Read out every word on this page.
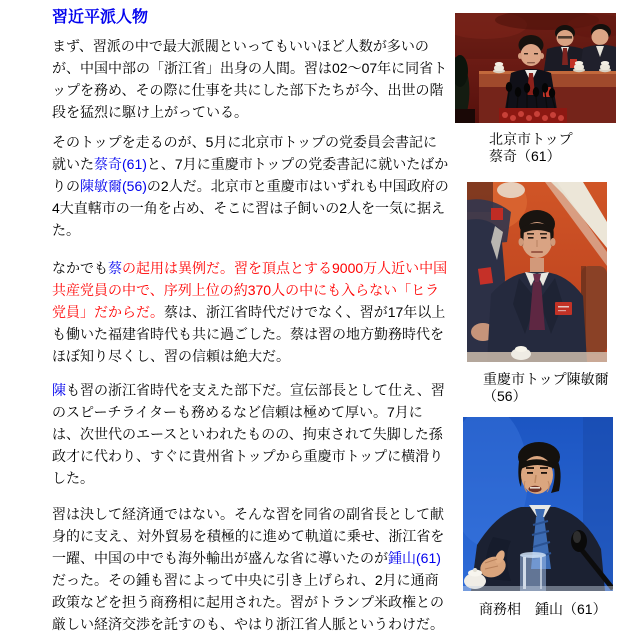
習近平派人物

まず、習派の中で最大派閥といってもいいほど人数が多いのが、中国中部の「浙江省」出身の人間。習は02～07年に同省トップを務め、その際に仕事を共にした部下たちが今、出世の階段を猛烈に駆け上がっている。

そのトップを走るのが、5月に北京市トップの党委員会書記に就いた蔡奇(61)と、7月に重慶市トップの党委書記に就いたばかりの陳敏爾(56)の2人だ。北京市と重慶市はいずれも中国政府の4大直轄市の一角を占め、そこに習は子飼いの2人を一気に据えた。

なかでも蔡の起用は異例だ。習を頂点とする9000万人近い中国共産党員の中で、序列上位の約370人の中にも入らない「ヒラ党員」だからだ。蔡は、浙江省時代だけでなく、習が17年以上も働いた福建省時代も共に過ごした。蔡は習の地方勤務時代をほぼ知り尽くし、習の信頼は絶大だ。

陳も習の浙江省時代を支えた部下だ。宣伝部長として仕え、習のスピーチライターも務めるなど信頼は極めて厚い。7月には、次世代のエースといわれたものの、拘束されて失脚した孫政才に代わり、すぐに貴州省トップから重慶市トップに横滑りした。

習は決して経済通ではない。そんな習を同省の副省長として献身的に支え、対外貿易を積極的に進めて軌道に乗せ、浙江省を一躍、中国の中でも海外輸出が盛んな省に導いたのが鍾山(61)だった。その鍾も習によって中央に引き上げられ、2月に通商政策などを担う商務相に起用された。習がトランプ米政権との厳しい経済交渉を託すのも、やはり浙江省人脈というわけだ。

北京市トップ
蔡奇（61）
重慶市トップ陳敏爾
（56）
商務相　鍾山（61）
